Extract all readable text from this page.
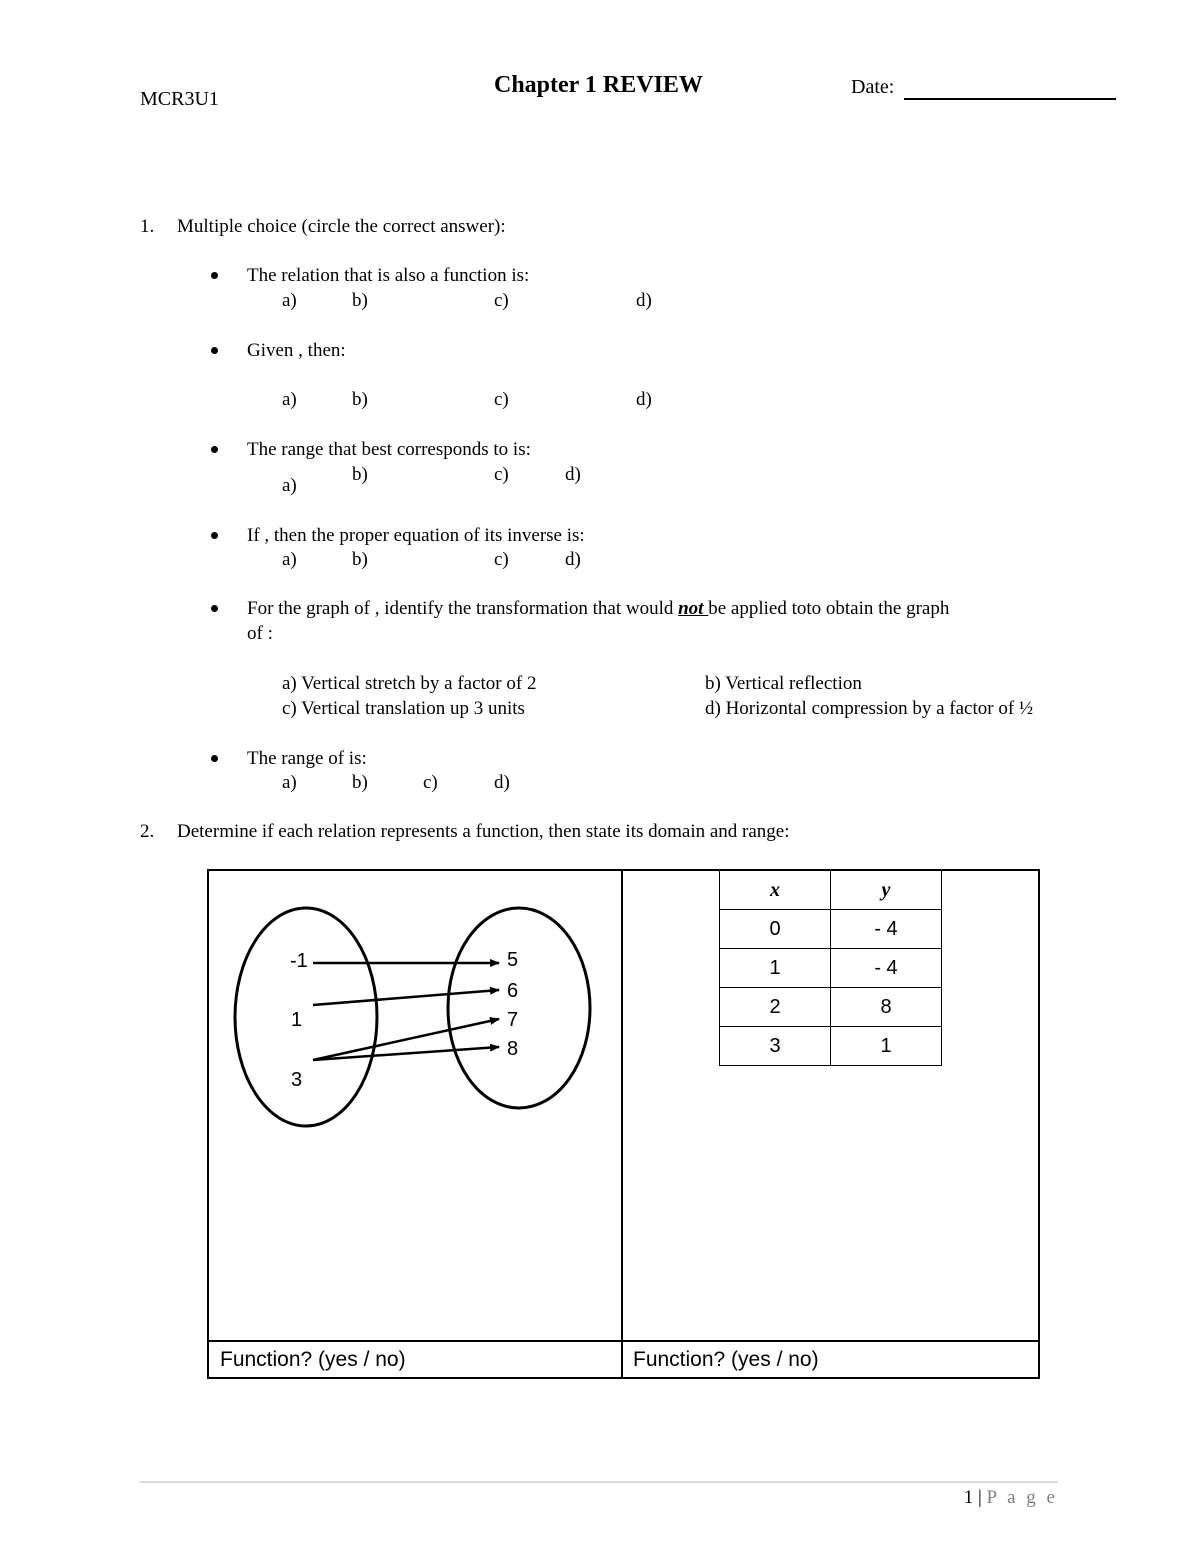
MCR3U1
Chapter 1 REVIEW	Date:
1. Multiple choice (circle the correct answer):
The relation that is also a function is:
a)	b)	c)	d)
Given , then:
a)	b)	c)	d)
The range that best corresponds to is:
a)
b)	c)	d)
If , then the proper equation of its inverse is:
a)	b)	c)	d)
For the graph of , identify the transformation that would not be applied toto obtain the graph
of :
a) Vertical stretch by a factor of 2	b) Vertical reflection
c) Vertical translation up 3 units	d) Horizontal compression by a factor of ½
The range of is:
a)	b)	c)	d)
2. Determine if each relation represents a function, then state its domain and range:
-1
1
3
5
6
7
8
x	y
0	- 4
1	- 4
2	8
3	1
Function? (yes / no)	Function? (yes / no)
1 | P a g e
